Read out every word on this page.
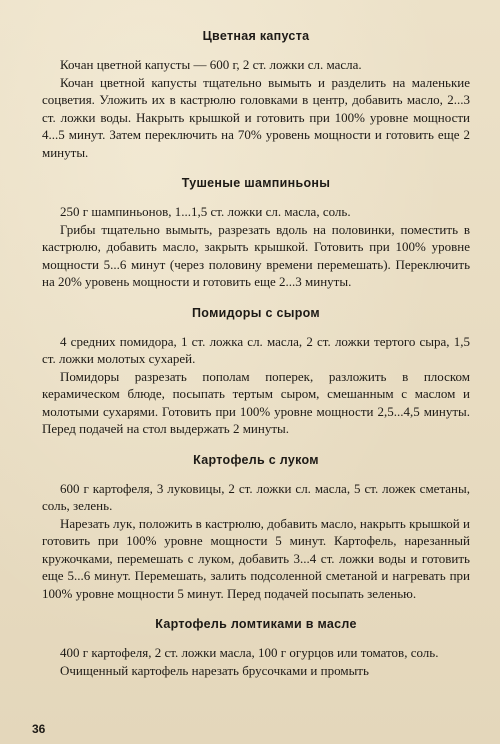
Цветная капуста

Кочан цветной капусты — 600 г, 2 ст. ложки сл. масла.

Кочан цветной капусты тщательно вымыть и разделить на маленькие соцветия. Уложить их в кастрюлю головками в центр, добавить масло, 2...3 ст. ложки воды. Накрыть крышкой и готовить при 100% уровне мощности 4...5 минут. Затем переключить на 70% уровень мощности и готовить еще 2 минуты.

Тушеные шампиньоны

250 г шампиньонов, 1...1,5 ст. ложки сл. масла, соль.

Грибы тщательно вымыть, разрезать вдоль на половинки, поместить в кастрюлю, добавить масло, закрыть крышкой. Готовить при 100% уровне мощности 5...6 минут (через половину времени перемешать). Переключить на 20% уровень мощности и готовить еще 2...3 минуты.

Помидоры с сыром

4 средних помидора, 1 ст. ложка сл. масла, 2 ст. ложки тертого сыра, 1,5 ст. ложки молотых сухарей.

Помидоры разрезать пополам поперек, разложить в плоском керамическом блюде, посыпать тертым сыром, смешанным с маслом и молотыми сухарями. Готовить при 100% уровне мощности 2,5...4,5 минуты. Перед подачей на стол выдержать 2 минуты.

Картофель с луком

600 г картофеля, 3 луковицы, 2 ст. ложки сл. масла, 5 ст. ложек сметаны, соль, зелень.

Нарезать лук, положить в кастрюлю, добавить масло, накрыть крышкой и готовить при 100% уровне мощности 5 минут. Картофель, нарезанный кружочками, перемешать с луком, добавить 3...4 ст. ложки воды и готовить еще 5...6 минут. Перемешать, залить подсоленной сметаной и нагревать при 100% уровне мощности 5 минут. Перед подачей посыпать зеленью.

Картофель ломтиками в масле

400 г картофеля, 2 ст. ложки масла, 100 г огурцов или томатов, соль.

Очищенный картофель нарезать брусочками и промыть

36
